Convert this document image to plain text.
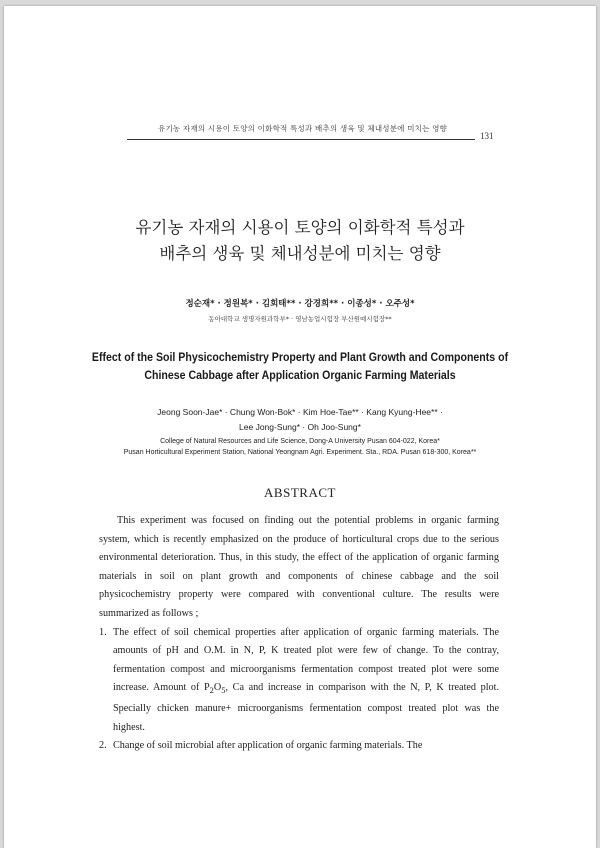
유기농 자재의 시용이 토양의 이화학적 특성과 배추의 생육 및 체내성분에 미치는 영향
131
유기농 자재의 시용이 토양의 이화학적 특성과
배추의 생육 및 체내성분에 미치는 영향
정순재* · 정원복* · 김회태** · 강경희** · 이종성* · 오주성*
동아대학교 생명자원과학부* · 영남농업시험장 부산원예시험장**
Effect of the Soil Physicochemistry Property and Plant Growth and Components of
Chinese Cabbage after Application Organic Farming Materials
Jeong Soon-Jae* · Chung Won-Bok* · Kim Hoe-Tae** · Kang Kyung-Hee** ·
Lee Jong-Sung* · Oh Joo-Sung*
College of Natural Resources and Life Science, Dong-A University Pusan 604-022, Korea*
Pusan Horticultural Experiment Station, National Yeongnam Agri. Experiment. Sta., RDA. Pusan 618-300, Korea**
ABSTRACT

This experiment was focused on finding out the potential problems in organic farming system, which is recently emphasized on the produce of horticultural crops due to the serious environmental deterioration. Thus, in this study, the effect of the application of organic farming materials in soil on plant growth and components of chinese cabbage and the soil physicochemistry property were compared with conventional culture. The results were summarized as follows ;

1. The effect of soil chemical properties after application of organic farming materials. The amounts of pH and O.M. in N, P, K treated plot were few of change. To the contray, fermentation compost and microorganisms fermentation compost treated plot were some increase. Amount of $P_2O_5$, Ca and increase in comparison with the N, P, K treated plot. Specially chicken manure+ microorganisms fermentation compost treated plot was the highest.
2. Change of soil microbial after application of organic farming materials. The
